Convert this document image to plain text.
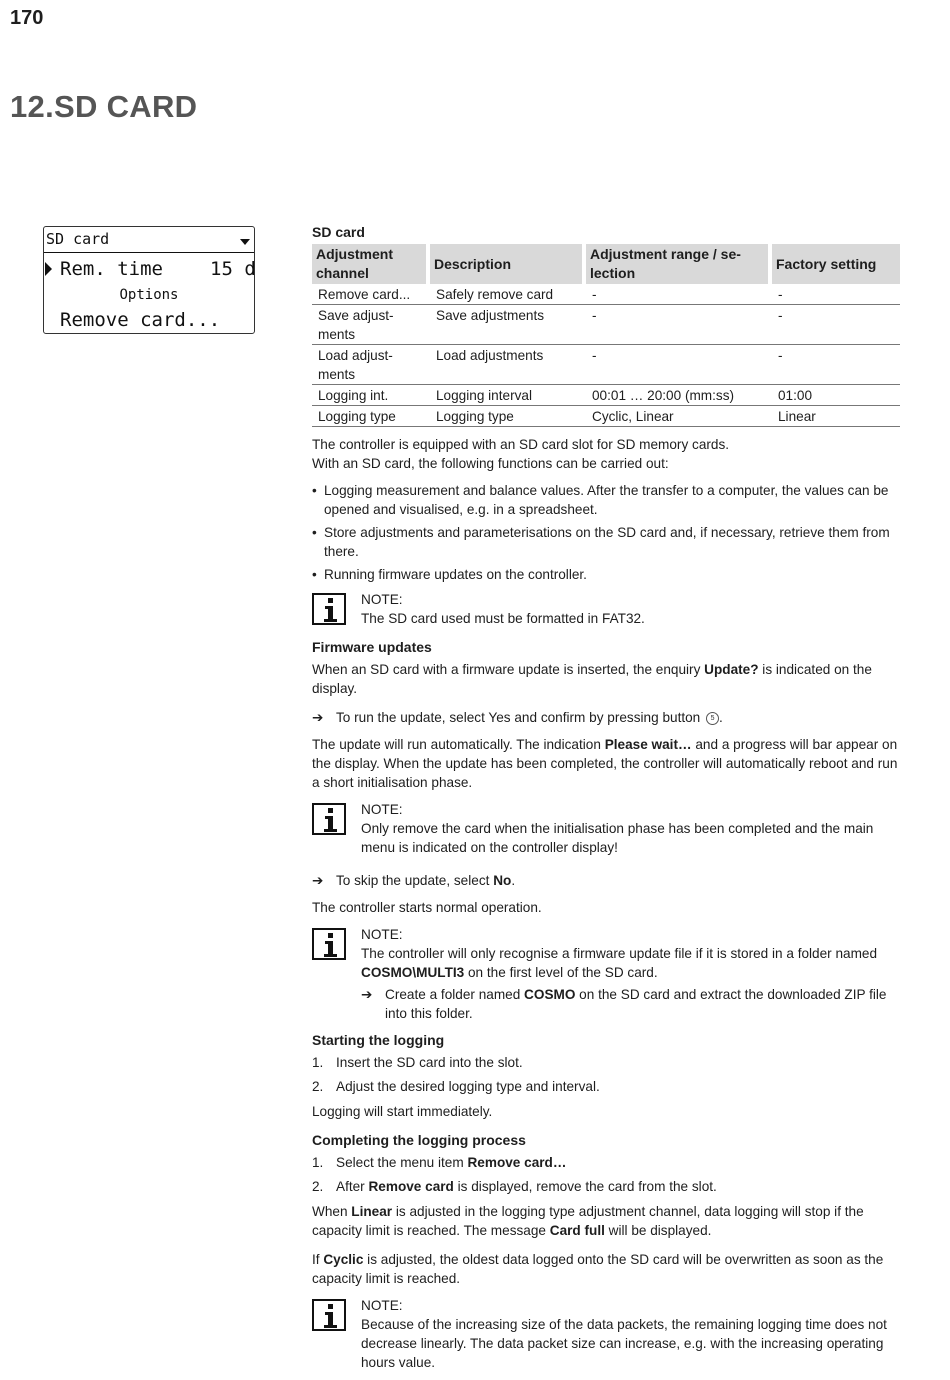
170
12.SD CARD
SD card

Rem. time

15 d

Options
Remove card...
SD card
Adjustment
channel	Description	Adjustment range / se-
lection	Factory setting
Remove card...	Safely remove card	-	-
Save adjust-
ments	Save adjustments	-	-
Load adjust-
ments	Load adjustments	-	-
Logging int.	Logging interval	00:01 … 20:00 (mm:ss)	01:00
Logging type	Logging type	Cyclic, Linear	Linear

The controller is equipped with an SD card slot for SD memory cards.
With an SD card, the following functions can be carried out:

• Logging measurement and balance values. After the transfer to a computer, the values can be opened and visualised, e.g. in a spreadsheet.
• Store adjustments and parameterisations on the SD card and, if necessary, retrieve them from there.
• Running firmware updates on the controller.
NOTE:
The SD card used must be formatted in FAT32.
Firmware updates

When an SD card with a firmware update is inserted, the enquiry Update? is indicated on the display.

➔ To run the update, select Yes and confirm by pressing button 5 .

The update will run automatically. The indication Please wait… and a progress will bar appear on the display. When the update has been completed, the controller will automatically reboot and run a short initialisation phase.

NOTE:
Only remove the card when the initialisation phase has been completed and the main menu is indicated on the controller display!
➔ To skip the update, select No.

The controller starts normal operation.

NOTE:
The controller will only recognise a firmware update file if it is stored in a folder named COSMO\MULTI3 on the first level of the SD card.
➔ Create a folder named COSMO on the SD card and extract the downloaded ZIP file into this folder.
Starting the logging
1. Insert the SD card into the slot.
2. Adjust the desired logging type and interval.

Logging will start immediately.

Completing the logging process
1. Select the menu item Remove card…
2. After Remove card is displayed, remove the card from the slot.

When Linear is adjusted in the logging type adjustment channel, data logging will stop if the capacity limit is reached. The message Card full will be displayed.

If Cyclic is adjusted, the oldest data logged onto the SD card will be overwritten as soon as the capacity limit is reached.

NOTE:
Because of the increasing size of the data packets, the remaining logging time does not decrease linearly. The data packet size can increase, e.g. with the increasing operating hours value.
